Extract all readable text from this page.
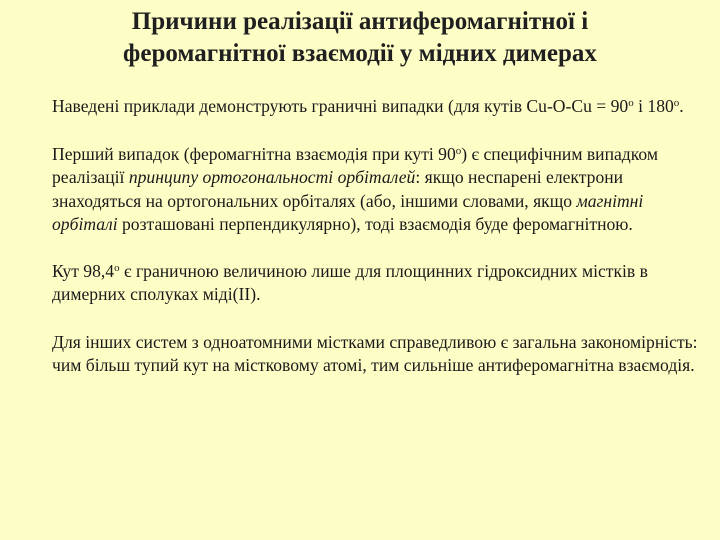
Причини реалізації антиферомагнітної і
феромагнітної взаємодії у мідних димерах

Наведені приклади демонструють граничні випадки (для кутів $Cu-O-Cu = 90^o$ і 180$^o$.

Перший випадок (феромагнітна взаємодія при куті 90$^o$) є специфічним випадком реалізації принципу ортогональності орбіталей: якщо неспарені електрони знаходяться на ортогональних орбіталях (або, іншими словами, якщо магнітні орбіталі розташовані перпендикулярно), тоді взаємодія буде феромагнітною.

Кут 98,4$^o$ є граничною величиною лише для площинних гідроксидних містків в димерних сполуках міді(II).

Для інших систем з одноатомними містками справедливою є загальна закономірність: чим більш тупий кут на містковому атомі, тим сильніше антиферомагнітна взаємодія.
